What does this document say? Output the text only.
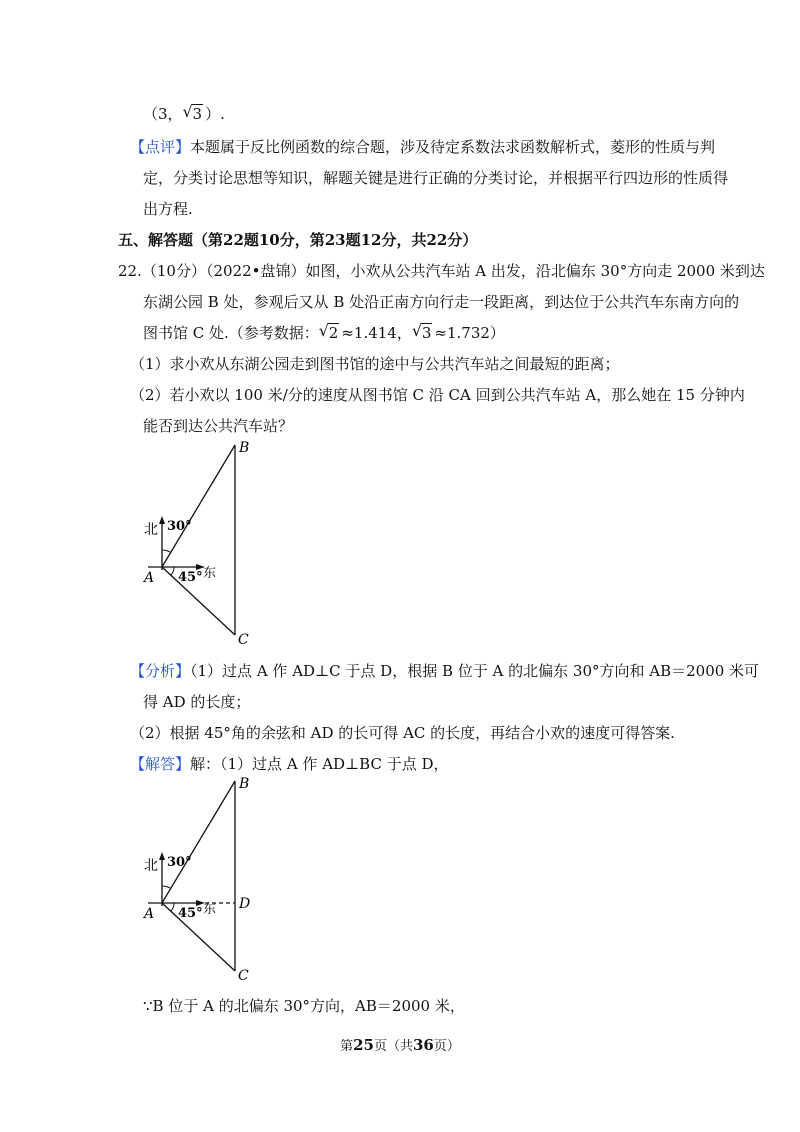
（3， √ 3 ）.
【点评】本题属于反比例函数的综合题，涉及待定系数法求函数解析式，菱形的性质与判
定，分类讨论思想等知识，解题关键是进行正确的分类讨论，并根据平行四边形的性质得
出方程.
五、解答题（第22题10分，第23题12分，共22分）
22.（10分）（2022•盘锦）如图，小欢从公共汽车站 A 出发，沿北偏东 30°方向走 2000 米到达
东湖公园 B 处，参观后又从 B 处沿正南方向行走一段距离，到达位于公共汽车东南方向的
图书馆 C 处.（参考数据： √ 2 ≈1.414， √ 3 ≈1.732）
（1）求小欢从东湖公园走到图书馆的途中与公共汽车站之间最短的距离；
（2）若小欢以 100 米/分的速度从图书馆 C 沿 CA 回到公共汽车站 A，那么她在 15 分钟内
能否到达公共汽车站？
B
C
A
北 30°
45° 东
【分析】（1）过点 A 作 AD⊥C 于点 D，根据 B 位于 A 的北偏东 30°方向和 AB＝2000 米可
得 AD 的长度；
（2）根据 45°角的余弦和 AD 的长可得 AC 的长度，再结合小欢的速度可得答案.
【解答】解：（1）过点 A 作 AD⊥BC 于点 D，
B
D
C
A
北 30°
45° 东
∵B 位于 A 的北偏东 30°方向，AB＝2000 米，
第25页（共36页）
